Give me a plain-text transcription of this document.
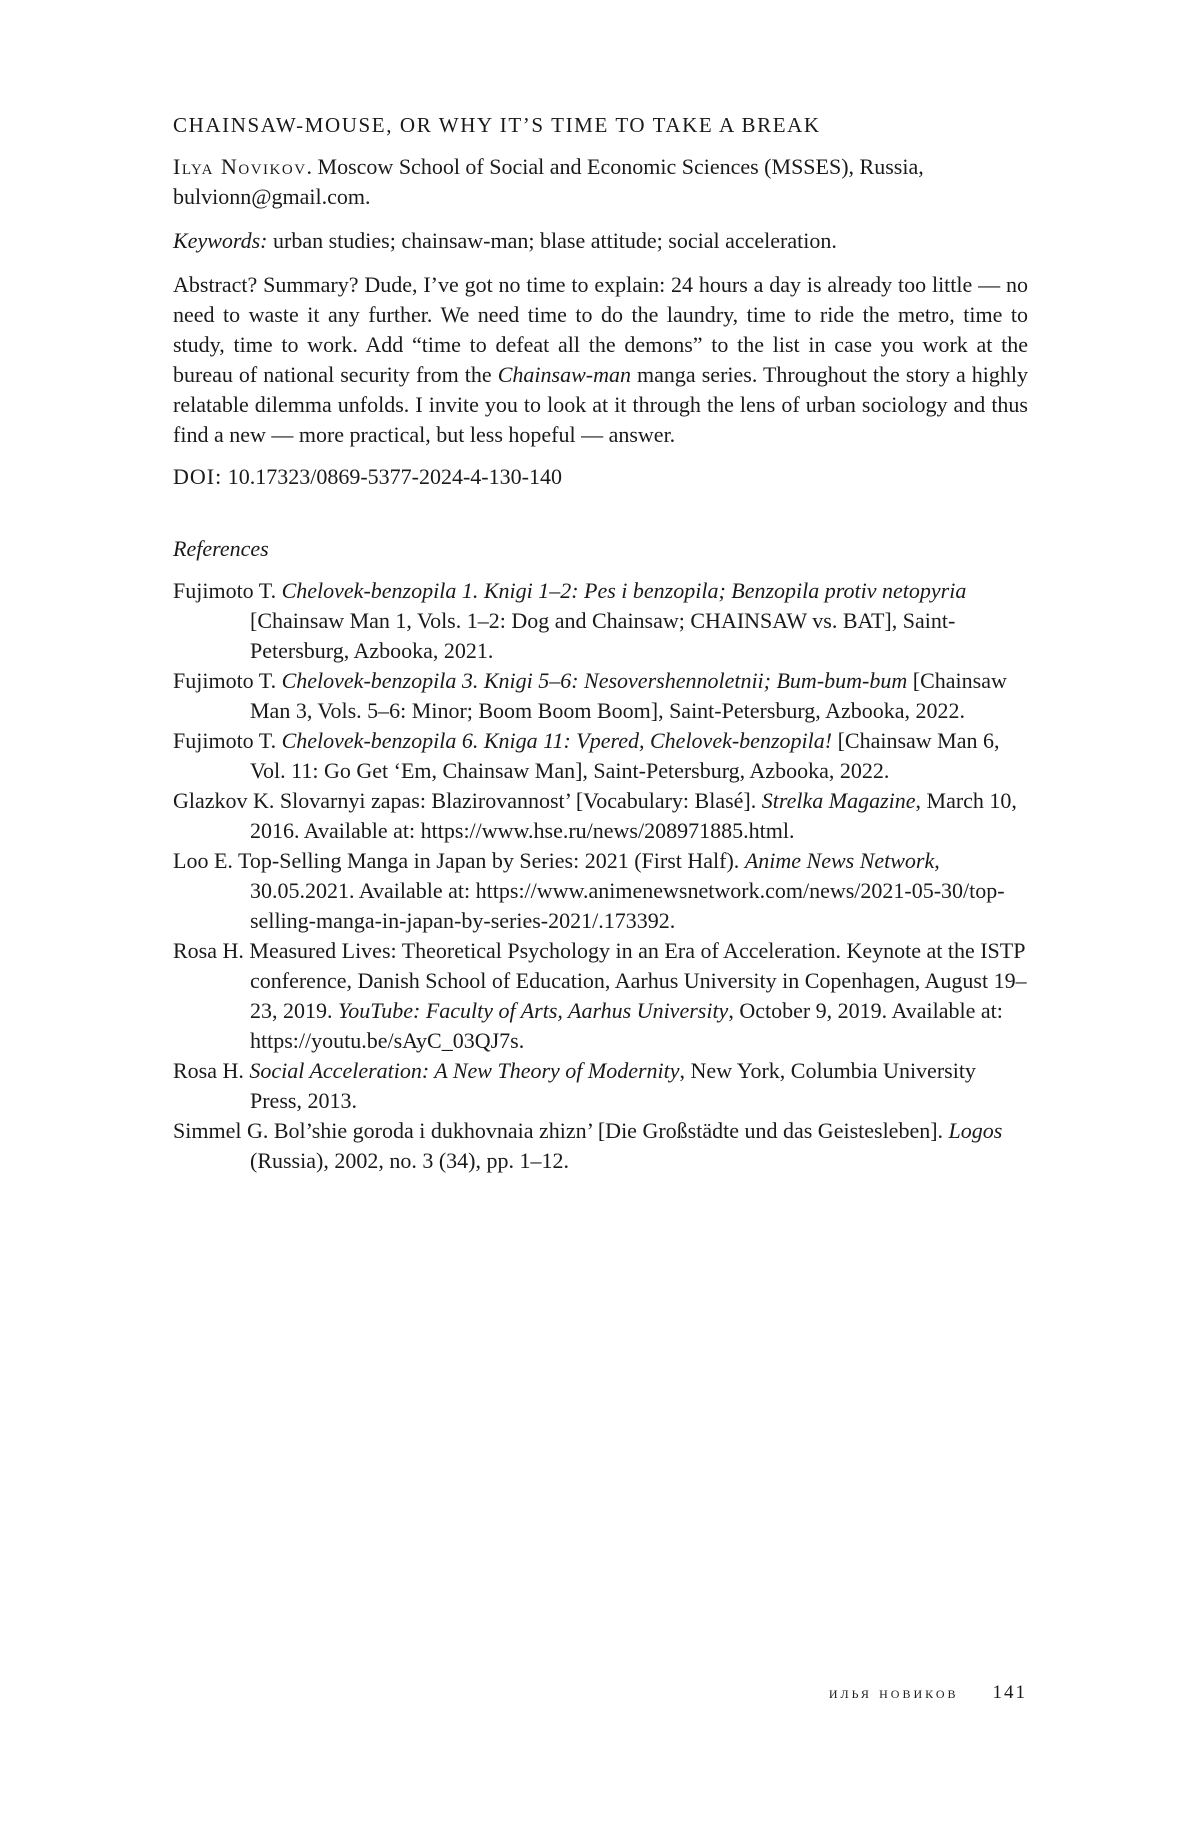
CHAINSAW-MOUSE, OR WHY IT’S TIME TO TAKE A BREAK

Ilya Novikov. Moscow School of Social and Economic Sciences (MSSES), Russia, bulvionn@gmail.com.

Keywords: urban studies; chainsaw-man; blase attitude; social acceleration.

Abstract? Summary? Dude, I’ve got no time to explain: 24 hours a day is already too little — no need to waste it any further. We need time to do the laundry, time to ride the metro, time to study, time to work. Add “time to defeat all the demons” to the list in case you work at the bureau of national security from the Chainsaw-man manga series. Throughout the story a highly relatable dilemma unfolds. I invite you to look at it through the lens of urban sociology and thus find a new — more practical, but less hopeful — answer.

DOI: 10.17323/0869-5377-2024-4-130-140

References

Fujimoto T. Chelovek-benzopila 1. Knigi 1–2: Pes i benzopila; Benzopila protiv netopyria [Chainsaw Man 1, Vols. 1–2: Dog and Chainsaw; CHAINSAW vs. BAT], Saint-Petersburg, Azbooka, 2021.
Fujimoto T. Chelovek-benzopila 3. Knigi 5–6: Nesovershennoletnii; Bum-bum-bum [Chainsaw Man 3, Vols. 5–6: Minor; Boom Boom Boom], Saint-Petersburg, Azbooka, 2022.
Fujimoto T. Chelovek-benzopila 6. Kniga 11: Vpered, Chelovek-benzopila! [Chainsaw Man 6, Vol. 11: Go Get ‘Em, Chainsaw Man], Saint-Petersburg, Azbooka, 2022.
Glazkov K. Slovarnyi zapas: Blazirovannost’ [Vocabulary: Blasé]. Strelka Magazine, March 10, 2016. Available at: https://www.hse.ru/news/208971885.html.
Loo E. Top-Selling Manga in Japan by Series: 2021 (First Half). Anime News Network, 30.05.2021. Available at: https://www.animenewsnetwork.com/news/2021-05-30/top-selling-manga-in-japan-by-series-2021/.173392.
Rosa H. Measured Lives: Theoretical Psychology in an Era of Acceleration. Keynote at the ISTP conference, Danish School of Education, Aarhus University in Copenhagen, August 19–23, 2019. YouTube: Faculty of Arts, Aarhus University, October 9, 2019. Available at: https://youtu.be/sAyC_03QJ7s.
Rosa H. Social Acceleration: A New Theory of Modernity, New York, Columbia University Press, 2013.
Simmel G. Bol’shie goroda i dukhovnaia zhizn’ [Die Großstädte und das Geistesleben]. Logos (Russia), 2002, no. 3 (34), pp. 1–12.
илья новиков 141
